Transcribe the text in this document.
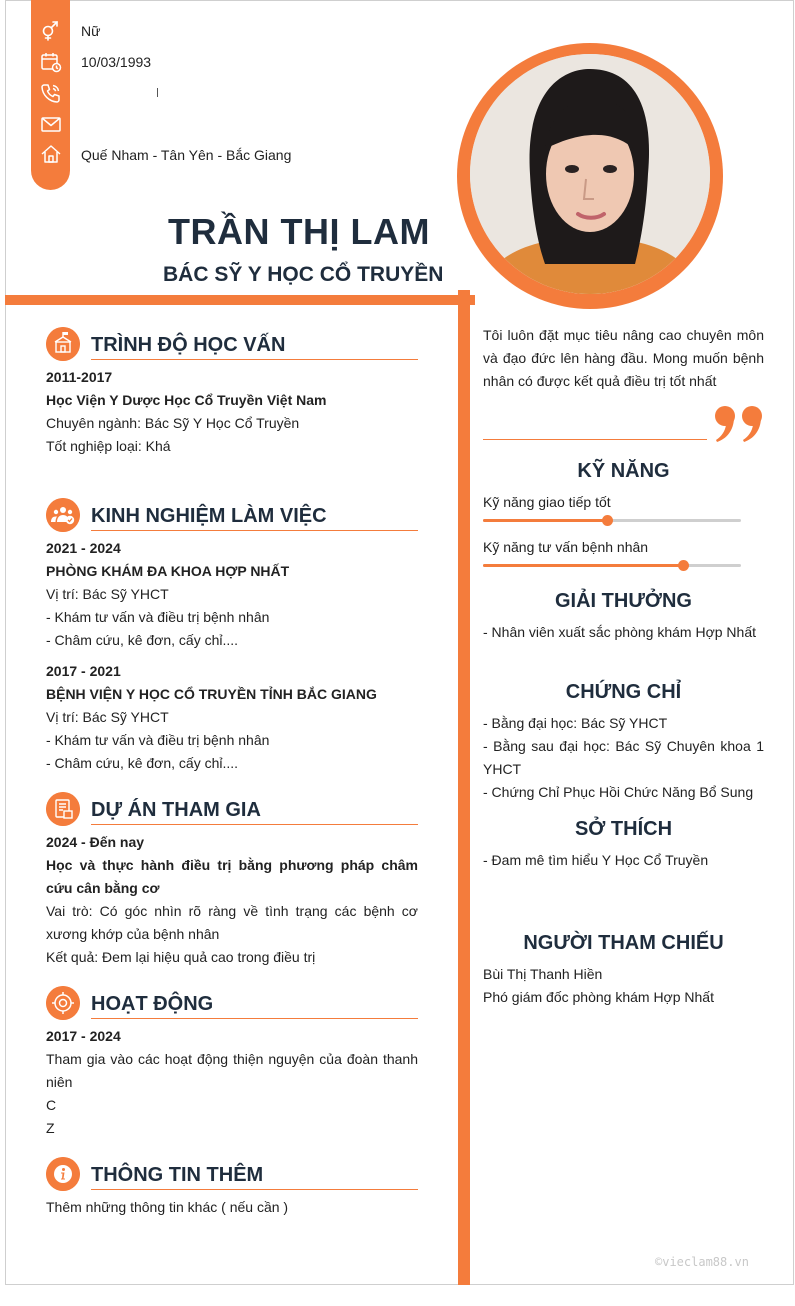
Nữ
10/03/1993
Quế Nham - Tân Yên - Bắc Giang
TRẦN THỊ LAM
BÁC SỸ Y HỌC CỔ TRUYỀN
TRÌNH ĐỘ HỌC VẤN
2011-2017
Học Viện Y Dược Học Cổ Truyền Việt Nam
Chuyên ngành: Bác Sỹ Y Học Cổ Truyền
Tốt nghiệp loại: Khá
KINH NGHIỆM LÀM VIỆC
2021 - 2024
PHÒNG KHÁM ĐA KHOA HỢP NHẤT
Vị trí: Bác Sỹ YHCT
- Khám tư vấn và điều trị bệnh nhân
- Châm cứu, kê đơn, cấy chỉ....
2017 - 2021
BỆNH VIỆN Y HỌC CỔ TRUYỀN TỈNH BẮC GIANG
Vị trí: Bác Sỹ YHCT
- Khám tư vấn và điều trị bệnh nhân
- Châm cứu, kê đơn, cấy chỉ....
DỰ ÁN THAM GIA
2024 - Đến nay
Học và thực hành điều trị bằng phương pháp châm cứu cân bằng cơ
Vai trò: Có góc nhìn rõ ràng về tình trạng các bệnh cơ xương khớp của bệnh nhân
Kết quả: Đem lại hiệu quả cao trong điều trị
HOẠT ĐỘNG
2017 - 2024
Tham gia vào các hoạt động thiện nguyện của đoàn thanh niên
C
Z
THÔNG TIN THÊM
Thêm những thông tin khác ( nếu cần )
Tôi luôn đặt mục tiêu nâng cao chuyên môn và đạo đức lên hàng đầu. Mong muốn bệnh nhân có được kết quả điều trị tốt nhất
KỸ NĂNG
Kỹ năng giao tiếp tốt
Kỹ năng tư vấn bệnh nhân
GIẢI THƯỞNG
- Nhân viên xuất sắc phòng khám Hợp Nhất
CHỨNG CHỈ
- Bằng đại học: Bác Sỹ YHCT
- Bằng sau đại học: Bác Sỹ Chuyên khoa 1 YHCT
- Chứng Chỉ Phục Hồi Chức Năng Bổ Sung
SỞ THÍCH
- Đam mê tìm hiểu Y Học Cổ Truyền
NGƯỜI THAM CHIẾU
Bùi Thị Thanh Hiền
Phó giám đốc phòng khám Hợp Nhất
©vieclam88.vn
